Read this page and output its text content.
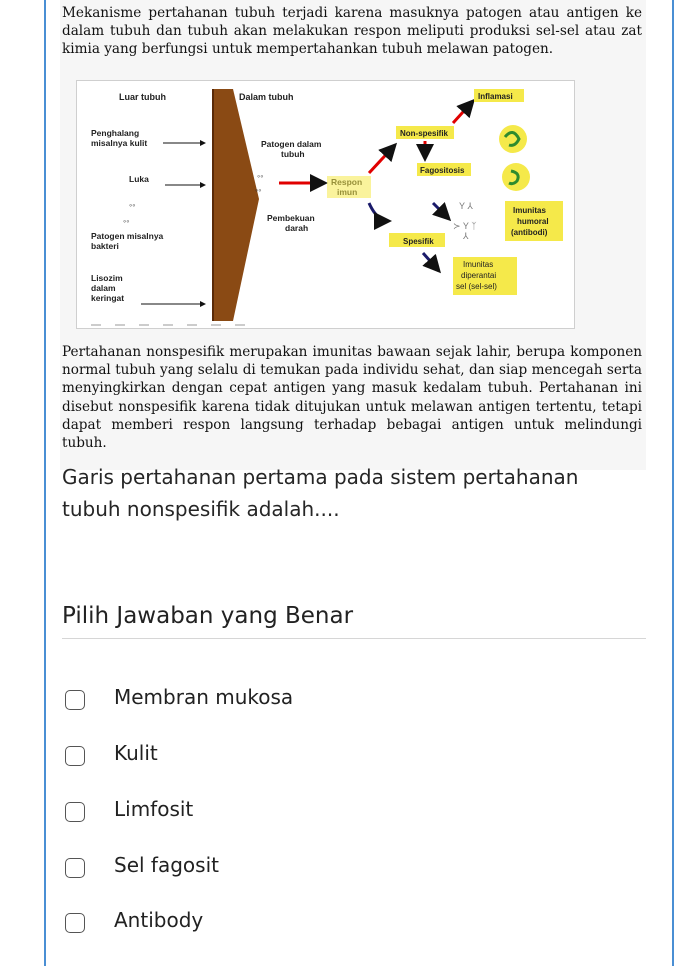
Mekanisme pertahanan tubuh terjadi karena masuknya patogen atau antigen ke dalam tubuh dan tubuh akan melakukan respon meliputi produksi sel-sel atau zat kimia yang berfungsi untuk mempertahankan tubuh melawan patogen.

Luar tubuh	Dalam tubuh
Penghalang
misalnya kulit
Luka
◦◦
◦◦
Patogen misalnya
bakteri
Lisozim
dalam
keringat
Patogen dalam
tubuh
◦◦
◦◦
Pembekuan
darah
Non-spesifik
Inflamasi
Fagositosis
Spesifik
Y ⅄
≻ Y ᛉ
⅄
Imunitas
humoral
(antibodi)
Imunitas
diperantai
sel (sel-sel)

Pertahanan nonspesifik merupakan imunitas bawaan sejak lahir, berupa komponen normal tubuh yang selalu di temukan pada individu sehat, dan siap mencegah serta menyingkirkan dengan cepat antigen yang masuk kedalam tubuh. Pertahanan ini disebut nonspesifik karena tidak ditujukan untuk melawan antigen tertentu, tetapi dapat memberi respon langsung terhadap bebagai antigen untuk melindungi tubuh.

Garis pertahanan pertama pada sistem pertahanan tubuh nonspesifik adalah....
Pilih Jawaban yang Benar
Membran mukosa
Kulit
Limfosit
Sel fagosit
Antibody
